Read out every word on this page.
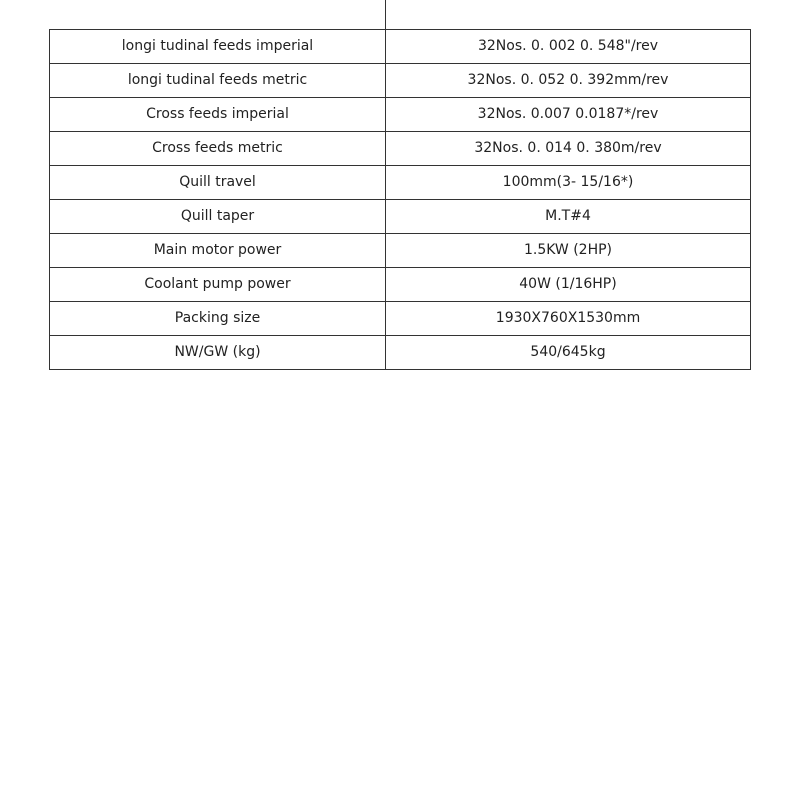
longi tudinal feeds imperial	32Nos. 0. 002 0. 548"/rev
longi tudinal feeds metric	32Nos. 0. 052 0. 392mm/rev
Cross feeds imperial	32Nos. 0.007 0.0187*/rev
Cross feeds metric	32Nos. 0. 014 0. 380m/rev
Quill travel	100mm(3- 15/16*)
Quill taper	M.T#4
Main motor power	1.5KW (2HP)
Coolant pump power	40W (1/16HP)
Packing size	1930X760X1530mm
NW/GW (kg)	540/645kg
